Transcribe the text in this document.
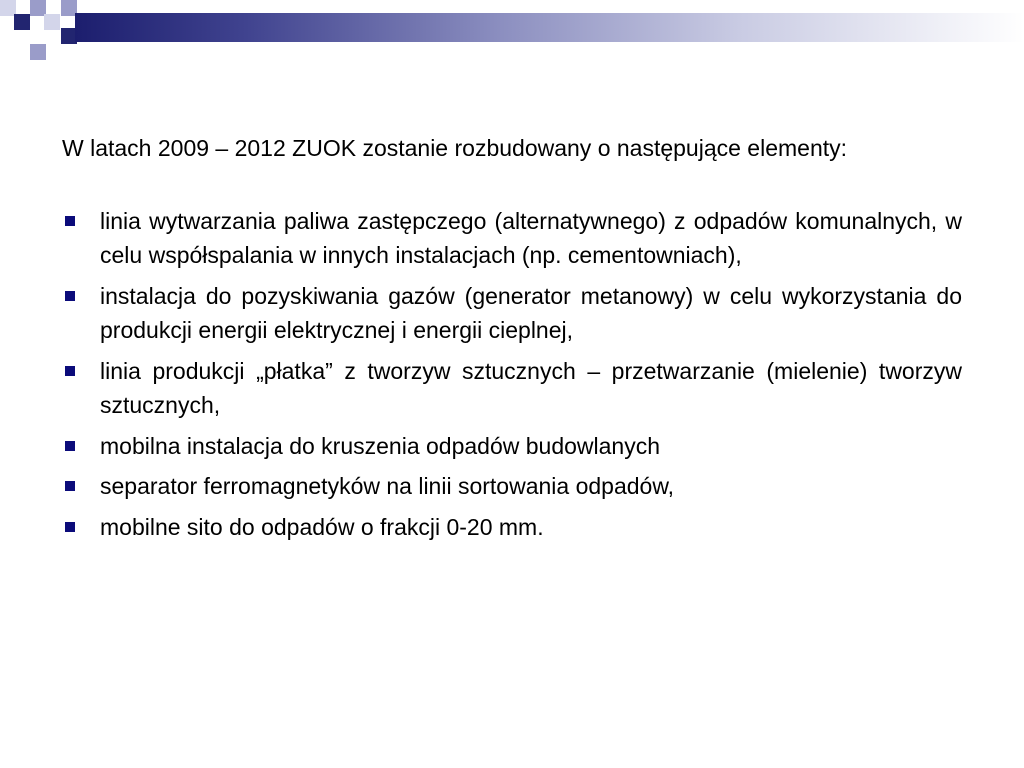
W latach 2009 – 2012 ZUOK zostanie rozbudowany o następujące elementy:

linia wytwarzania paliwa zastępczego (alternatywnego) z odpadów komunalnych, w celu współspalania w innych instalacjach (np. cementowniach),
instalacja do pozyskiwania gazów (generator metanowy) w celu wykorzystania do produkcji energii elektrycznej i energii cieplnej,
linia produkcji „płatka” z tworzyw sztucznych – przetwarzanie (mielenie) tworzyw sztucznych,
mobilna instalacja do kruszenia odpadów budowlanych
separator ferromagnetyków na linii sortowania odpadów,
mobilne sito do odpadów o frakcji 0-20 mm.
